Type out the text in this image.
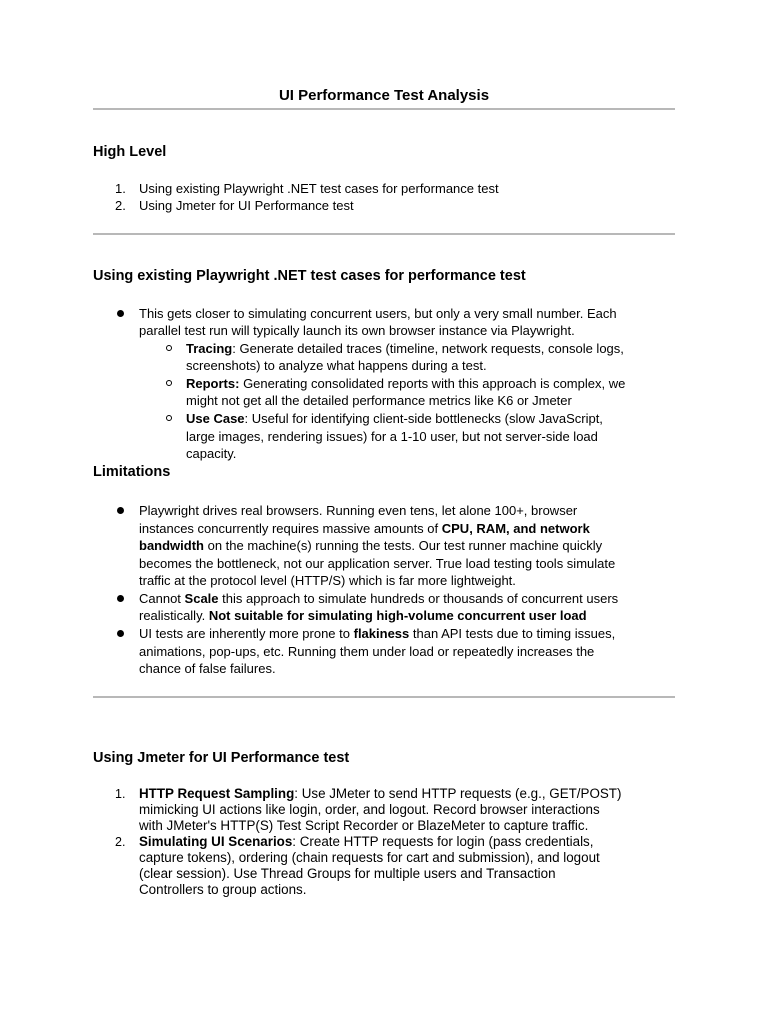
UI Performance Test Analysis
High Level
1. Using existing Playwright .NET test cases for performance test
2. Using Jmeter for UI Performance test
Using existing Playwright .NET test cases for performance test
This gets closer to simulating concurrent users, but only a very small number. Each
parallel test run will typically launch its own browser instance via Playwright.
Tracing: Generate detailed traces (timeline, network requests, console logs,
screenshots) to analyze what happens during a test.
Reports: Generating consolidated reports with this approach is complex, we
might not get all the detailed performance metrics like K6 or Jmeter
Use Case: Useful for identifying client-side bottlenecks (slow JavaScript,
large images, rendering issues) for a 1-10 user, but not server-side load
capacity.
Limitations
Playwright drives real browsers. Running even tens, let alone 100+, browser
instances concurrently requires massive amounts of CPU, RAM, and network
bandwidth on the machine(s) running the tests. Our test runner machine quickly
becomes the bottleneck, not our application server. True load testing tools simulate
traffic at the protocol level (HTTP/S) which is far more lightweight.
Cannot Scale this approach to simulate hundreds or thousands of concurrent users
realistically. Not suitable for simulating high-volume concurrent user load
UI tests are inherently more prone to flakiness than API tests due to timing issues,
animations, pop-ups, etc. Running them under load or repeatedly increases the
chance of false failures.
Using Jmeter for UI Performance test
1. HTTP Request Sampling: Use JMeter to send HTTP requests (e.g., GET/POST)
mimicking UI actions like login, order, and logout. Record browser interactions
with JMeter's HTTP(S) Test Script Recorder or BlazeMeter to capture traffic.
2. Simulating UI Scenarios: Create HTTP requests for login (pass credentials,
capture tokens), ordering (chain requests for cart and submission), and logout
(clear session). Use Thread Groups for multiple users and Transaction
Controllers to group actions.
